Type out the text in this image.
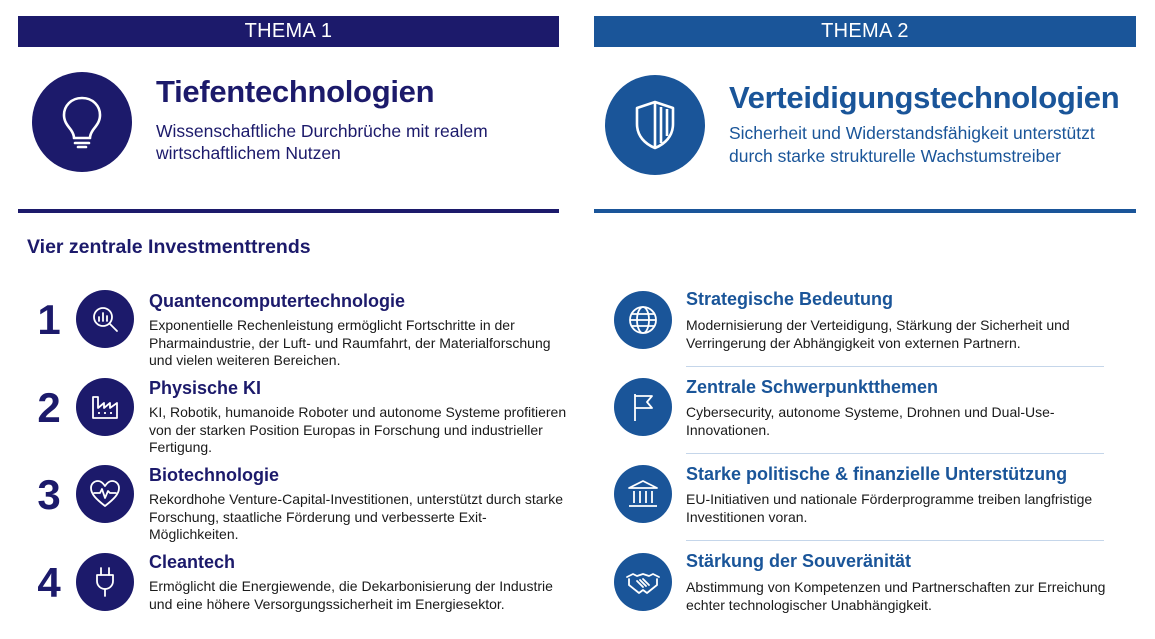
THEMA 1
Tiefentechnologien
Wissenschaftliche Durchbrüche mit realem wirtschaftlichem Nutzen
THEMA 2
Verteidigungstechnologien
Sicherheit und Widerstandsfähigkeit unterstützt durch starke strukturelle Wachstumstreiber
Vier zentrale Investmenttrends
1	Quantencomputertechnologie
Exponentielle Rechenleistung ermöglicht Fortschritte in der Pharmaindustrie, der Luft- und Raumfahrt, der Materialforschung und vielen weiteren Bereichen.
2	Physische KI
KI, Robotik, humanoide Roboter und autonome Systeme profitieren von der starken Position Europas in Forschung und industrieller Fertigung.
3	Biotechnologie
Rekordhohe Venture-Capital-Investitionen, unterstützt durch starke Forschung, staatliche Förderung und verbesserte Exit-Möglichkeiten.
4	Cleantech
Ermöglicht die Energiewende, die Dekarbonisierung der Industrie und eine höhere Versorgungssicherheit im Energiesektor.
Strategische Bedeutung
Modernisierung der Verteidigung, Stärkung der Sicherheit und Verringerung der Abhängigkeit von externen Partnern.
Zentrale Schwerpunktthemen
Cybersecurity, autonome Systeme, Drohnen und Dual-Use-Innovationen.
Starke politische & finanzielle Unterstützung
EU-Initiativen und nationale Förderprogramme treiben langfristige Investitionen voran.
Stärkung der Souveränität
Abstimmung von Kompetenzen und Partnerschaften zur Erreichung echter technologischer Unabhängigkeit.
